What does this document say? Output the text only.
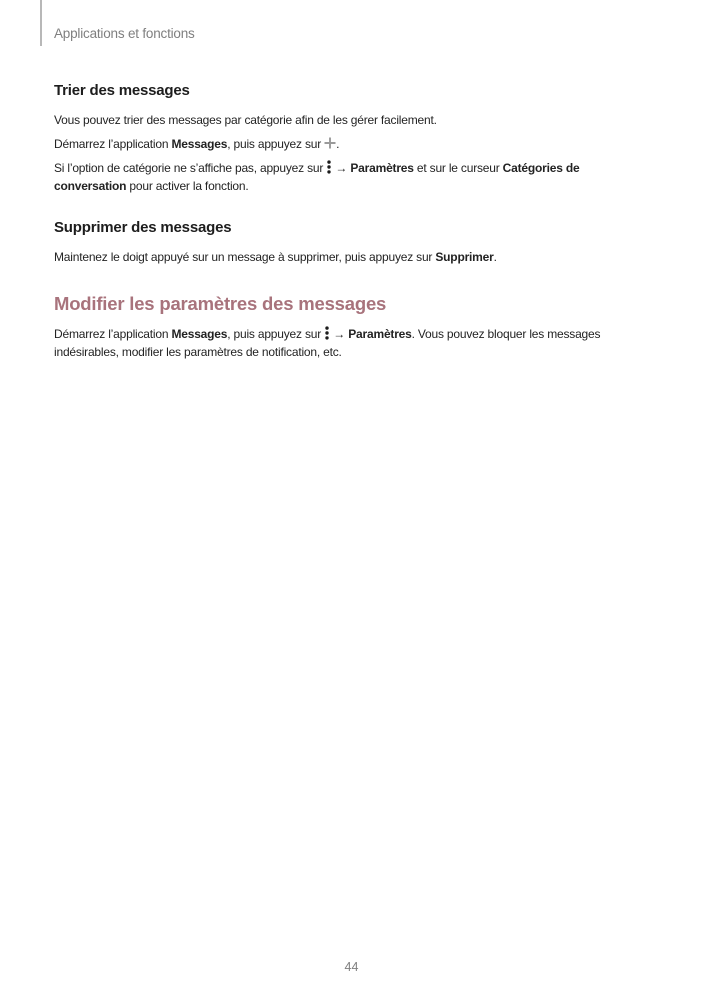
Applications et fonctions
Trier des messages

Vous pouvez trier des messages par catégorie afin de les gérer facilement.

Démarrez l’application Messages, puis appuyez sur
.

Si l’option de catégorie ne s’affiche pas, appuyez sur
→ Paramètres et sur le curseur Catégories de
conversation pour activer la fonction.

Supprimer des messages

Maintenez le doigt appuyé sur un message à supprimer, puis appuyez sur Supprimer.

Modifier les paramètres des messages

Démarrez l’application Messages, puis appuyez sur
→ Paramètres. Vous pouvez bloquer les messages
indésirables, modifier les paramètres de notification, etc.

44
